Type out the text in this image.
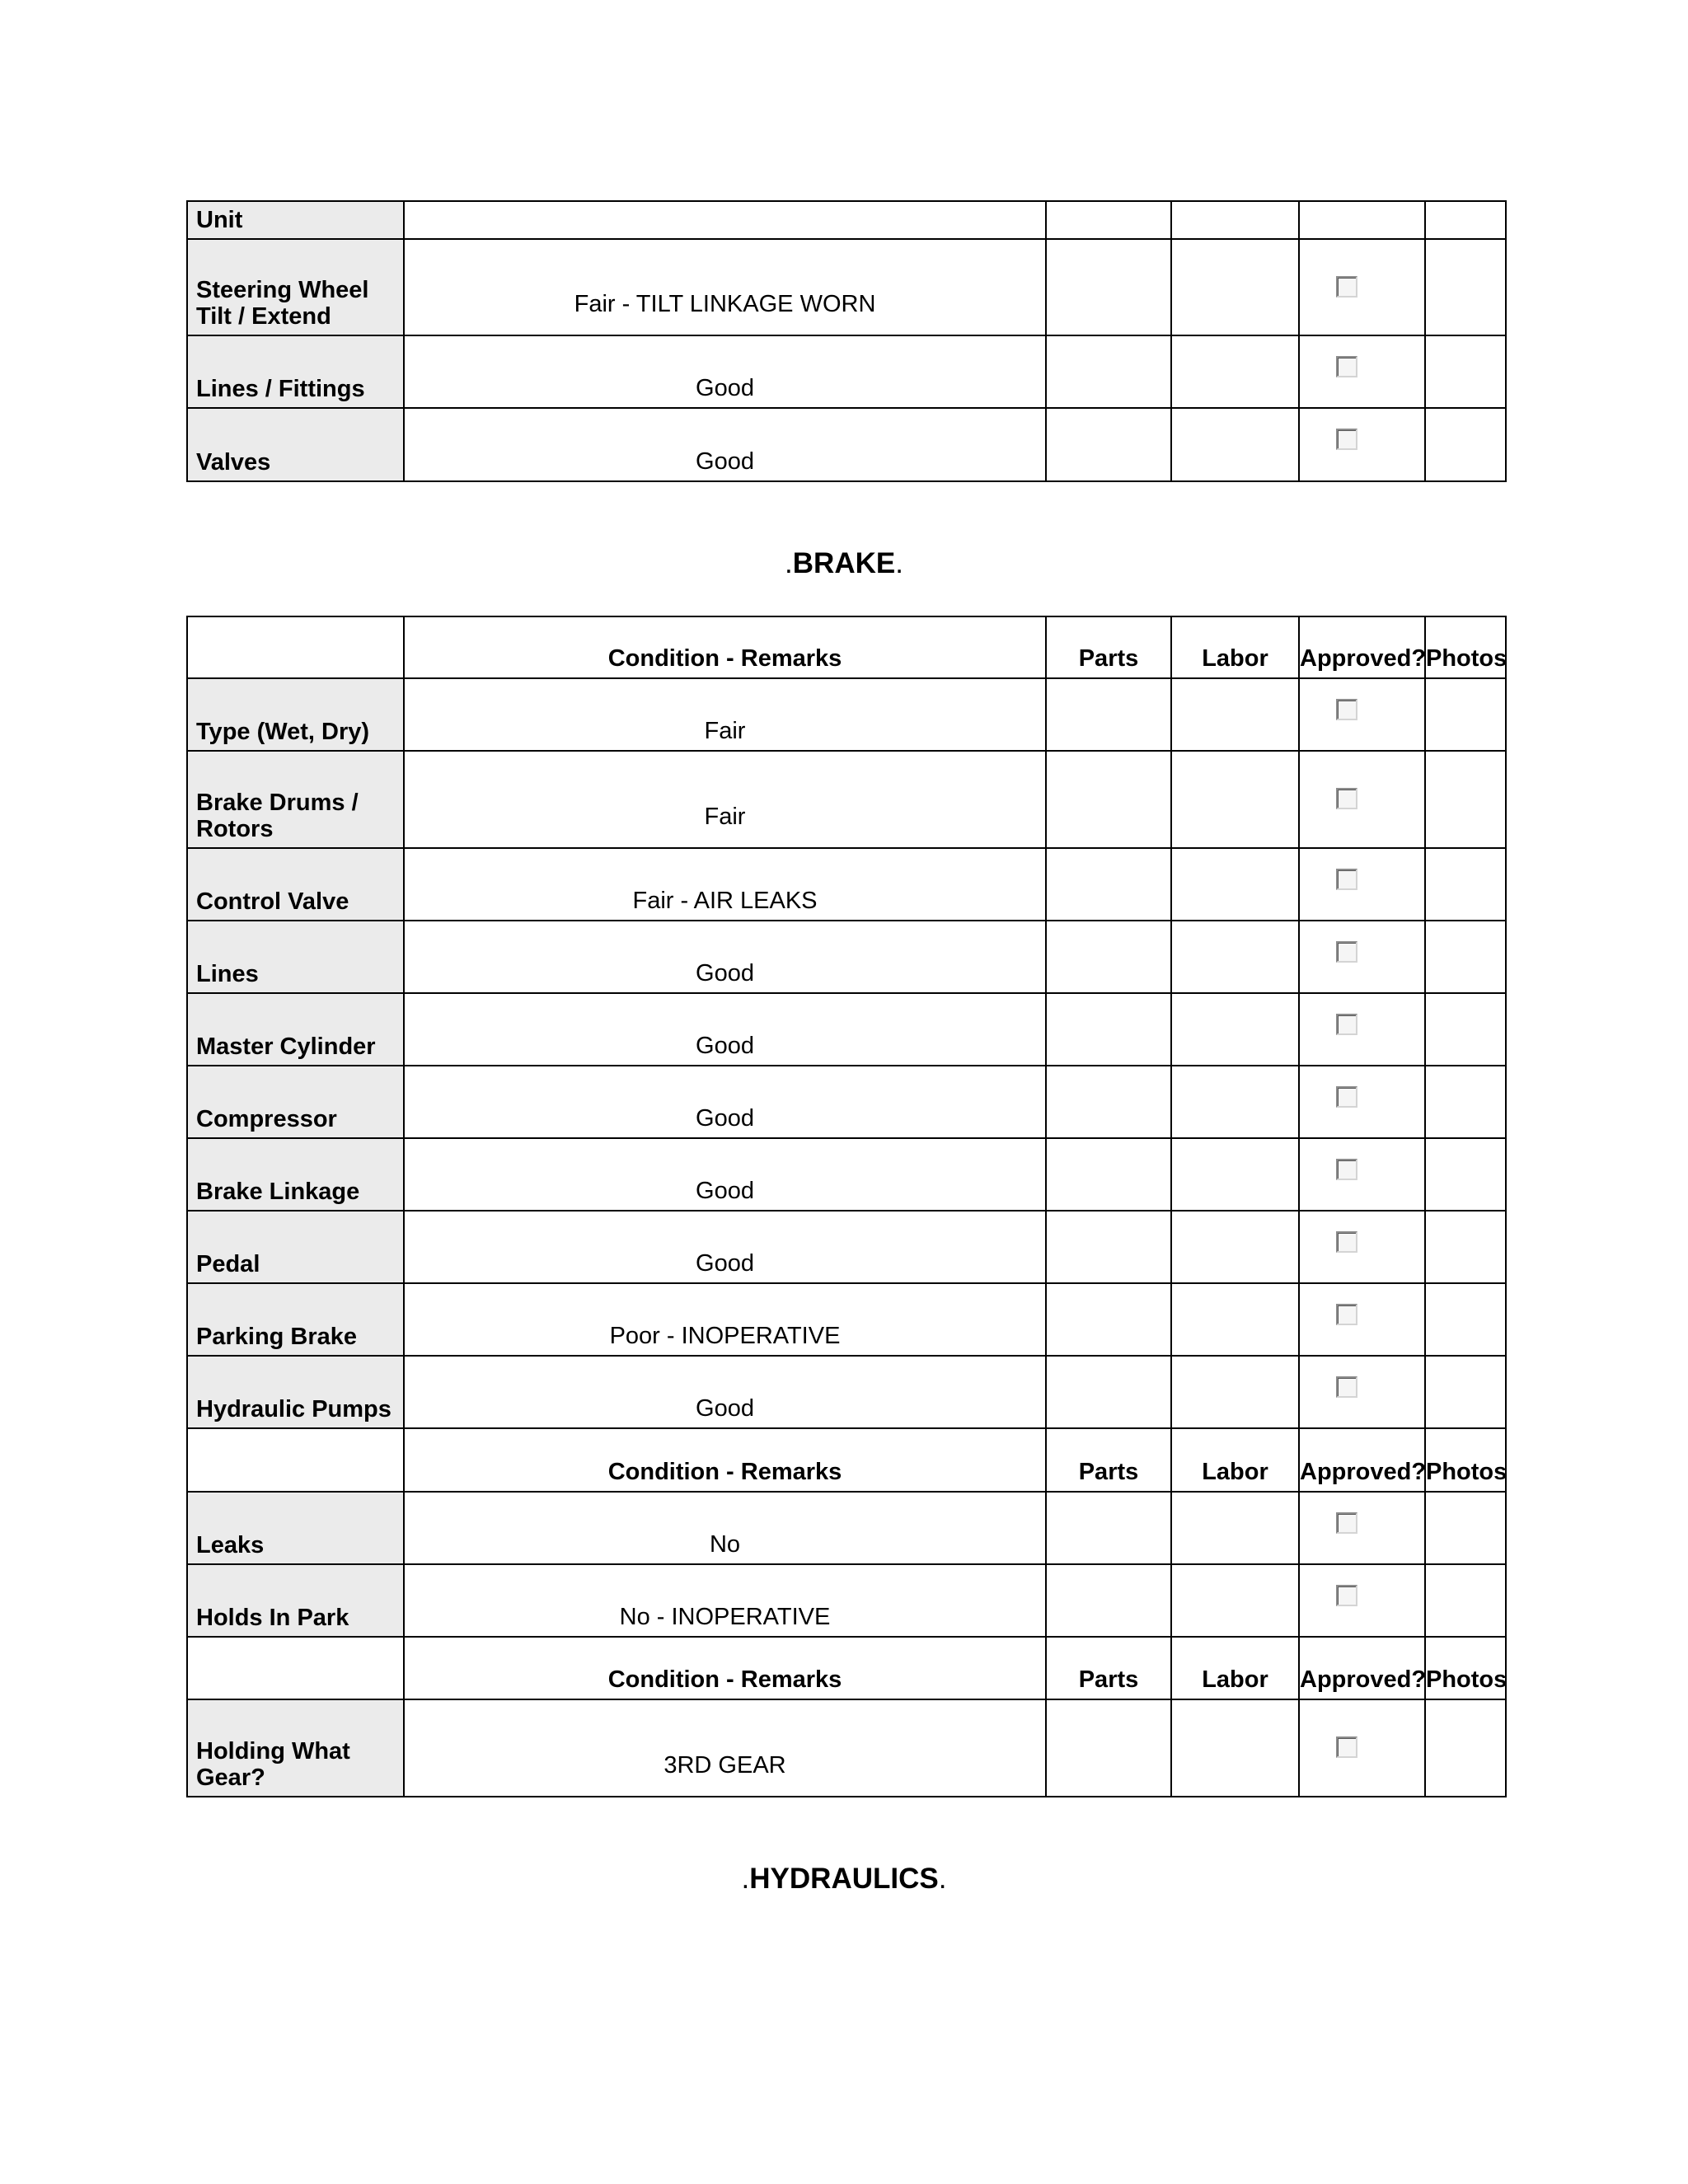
Unit					
Steering Wheel Tilt / Extend	Fair - TILT LINKAGE WORN				
Lines / Fittings	Good				
Valves	Good				
.BRAKE.
	Condition - Remarks	Parts	Labor	Approved?	Photos
Type (Wet, Dry)	Fair				
Brake Drums / Rotors	Fair				
Control Valve	Fair - AIR LEAKS				
Lines	Good				
Master Cylinder	Good				
Compressor	Good				
Brake Linkage	Good				
Pedal	Good				
Parking Brake	Poor - INOPERATIVE				
Hydraulic Pumps	Good				
	Condition - Remarks	Parts	Labor	Approved?	Photos
Leaks	No				
Holds In Park	No - INOPERATIVE				
	Condition - Remarks	Parts	Labor	Approved?	Photos
Holding What Gear?	3RD GEAR				
.HYDRAULICS.
